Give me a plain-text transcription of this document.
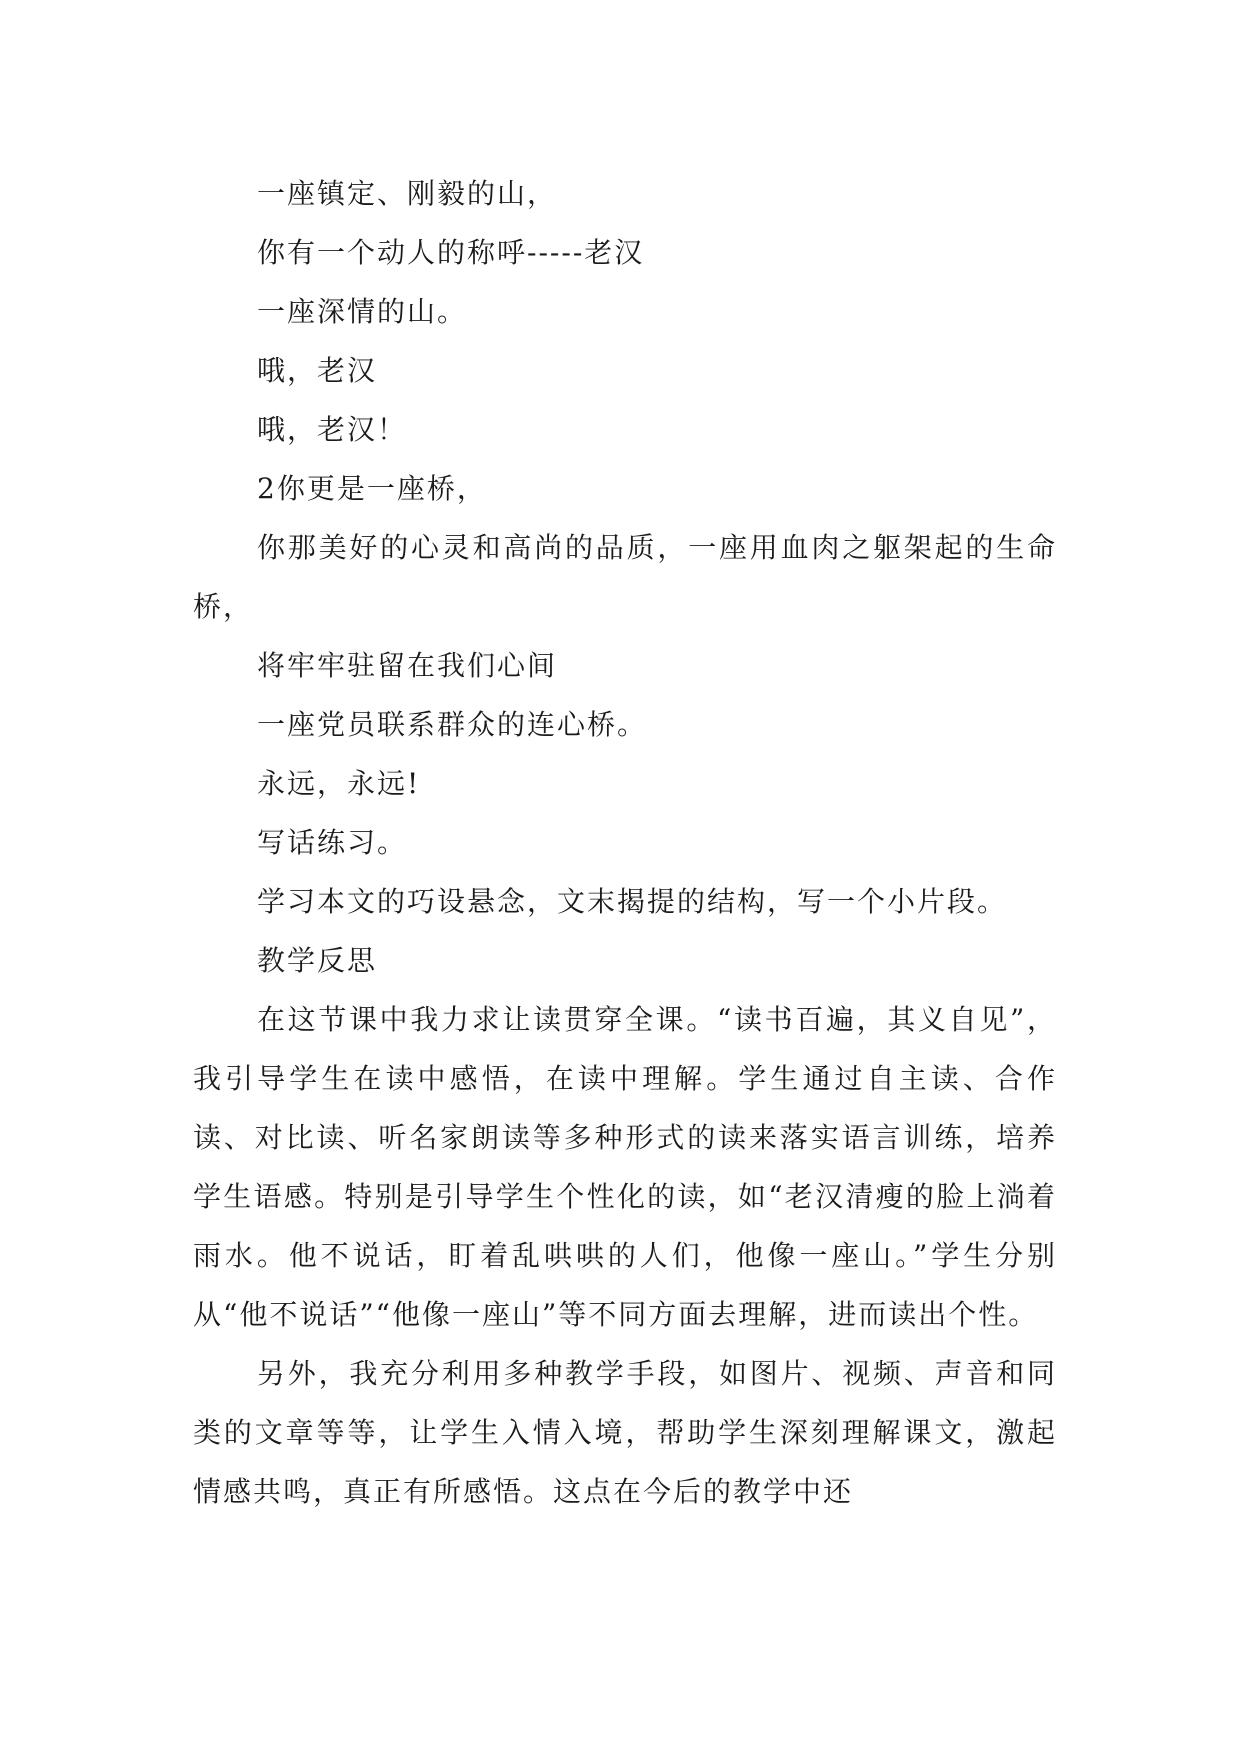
一座镇定、刚毅的山，

你有一个动人的称呼-----老汉

一座深情的山。

哦，老汉

哦，老汉！

2你更是一座桥，

你那美好的心灵和高尚的品质，一座用血肉之躯架起的生命桥，

将牢牢驻留在我们心间

一座党员联系群众的连心桥。

永远，永远!

写话练习。

学习本文的巧设悬念，文末揭提的结构，写一个小片段。

教学反思

在这节课中我力求让读贯穿全课。“读书百遍，其义自见”，我引导学生在读中感悟，在读中理解。学生通过自主读、合作读、对比读、听名家朗读等多种形式的读来落实语言训练，培养学生语感。特别是引导学生个性化的读，如“老汉清瘦的脸上淌着雨水。他不说话，盯着乱哄哄的人们，他像一座山。”学生分别从“他不说话”“他像一座山”等不同方面去理解，进而读出个性。

另外，我充分利用多种教学手段，如图片、视频、声音和同类的文章等等，让学生入情入境，帮助学生深刻理解课文，激起情感共鸣，真正有所感悟。这点在今后的教学中还
